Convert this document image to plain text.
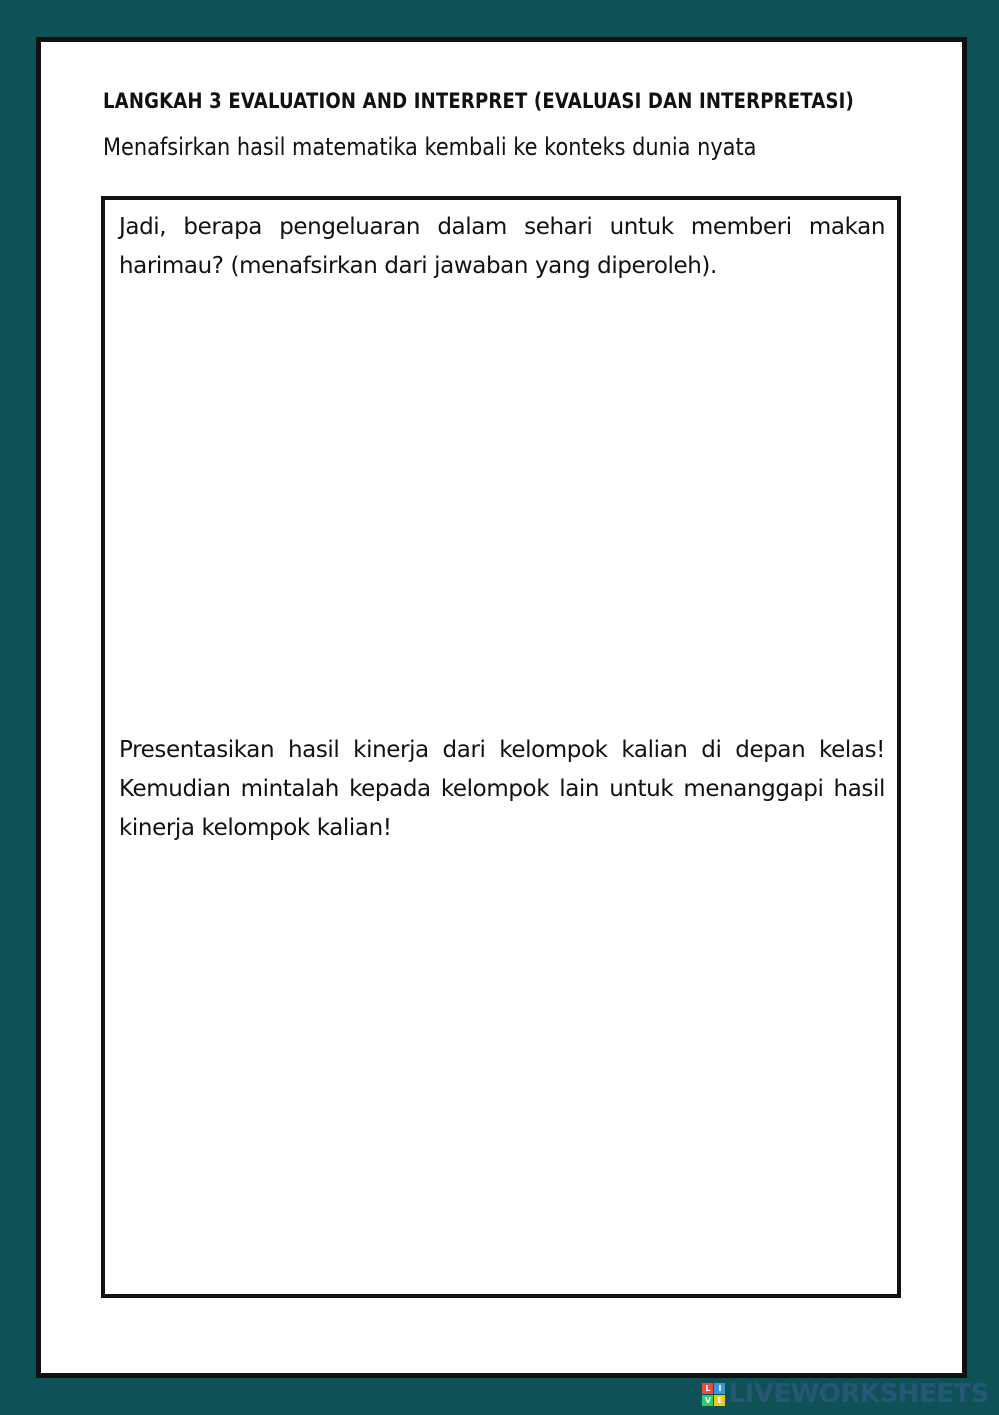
LANGKAH 3 EVALUATION AND INTERPRET (EVALUASI DAN INTERPRETASI)

Menafsirkan hasil matematika kembali ke konteks dunia nyata

Jadi, berapa pengeluaran dalam sehari untuk memberi makan harimau? (menafsirkan dari jawaban yang diperoleh).

Presentasikan hasil kinerja dari kelompok kalian di depan kelas! Kemudian mintalah kepada kelompok lain untuk menanggapi hasil kinerja kelompok kalian!

L I
V E LIVEWORKSHEETS
